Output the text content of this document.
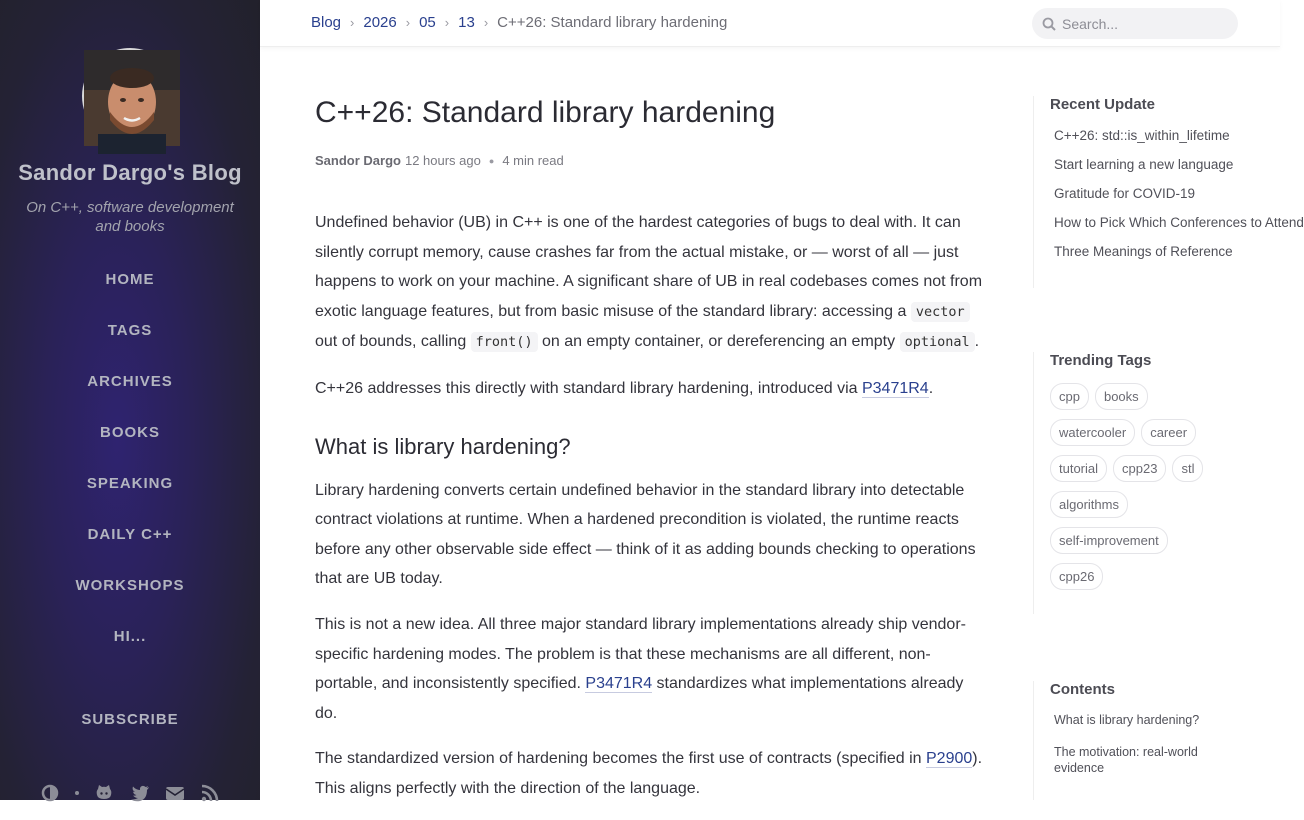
Sandor Dargo's Blog
On C++, software development and books
HOME
TAGS
ARCHIVES
BOOKS
SPEAKING
DAILY C++
WORKSHOPS
HI...
SUBSCRIBE
Blog › 2026 › 05 › 13 › C++26: Standard library hardening
Search...
C++26: Standard library hardening
Sandor Dargo 12 hours ago ● 4 min read

Undefined behavior (UB) in C++ is one of the hardest categories of bugs to deal with. It can silently corrupt memory, cause crashes far from the actual mistake, or — worst of all — just happens to work on your machine. A significant share of UB in real codebases comes not from exotic language features, but from basic misuse of the standard library: accessing a vector out of bounds, calling front() on an empty container, or dereferencing an empty optional .

C++26 addresses this directly with standard library hardening, introduced via P3471R4.

What is library hardening?

Library hardening converts certain undefined behavior in the standard library into detectable contract violations at runtime. When a hardened precondition is violated, the runtime reacts before any other observable side effect — think of it as adding bounds checking to operations that are UB today.

This is not a new idea. All three major standard library implementations already ship vendor-specific hardening modes. The problem is that these mechanisms are all different, non-portable, and inconsistently specified. P3471R4 standardizes what implementations already do.

The standardized version of hardening becomes the first use of contracts (specified in P2900). This aligns perfectly with the direction of the language.

Recent Update
C++26: std::is_within_lifetime
Start learning a new language
Gratitude for COVID-19
How to Pick Which Conferences to Attend
Three Meanings of Reference
Trending Tags
cpp	books
watercooler	career
tutorial	cpp23	stl
algorithms
self-improvement
cpp26
Contents
What is library hardening?
The motivation: real-world evidence
